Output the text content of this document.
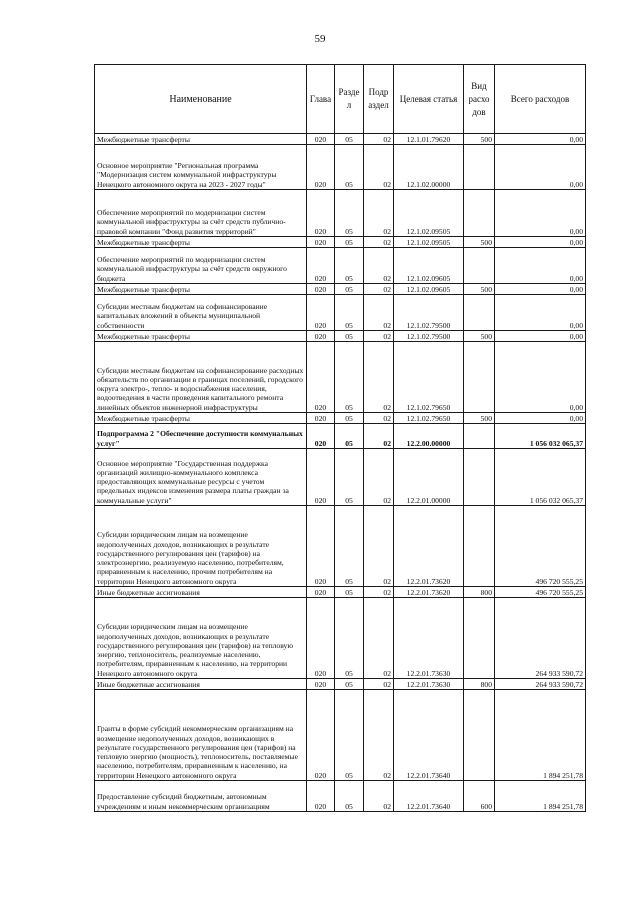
59
Наименование	Глава	Разде л	Подр аздел	Целевая статья	Вид расхо дов	Всего расходов
Межбюджетные трансферты	020	05	02	12.1.01.79620	500	0,00
Основное мероприятие "Региональная программа "Модернизация систем коммунальной инфраструктуры Ненецкого автономного округа на 2023 - 2027 годы"	020	05	02	12.1.02.00000		0,00
Обеспечение мероприятий по модернизации систем коммунальной инфраструктуры за счёт средств публично-правовой компании "Фонд развития территорий"	020	05	02	12.1.02.09505		0,00
Межбюджетные трансферты	020	05	02	12.1.02.09505	500	0,00
Обеспечение мероприятий по модернизации систем коммунальной инфраструктуры за счёт средств окружного бюджета	020	05	02	12.1.02.09605		0,00
Межбюджетные трансферты	020	05	02	12.1.02.09605	500	0,00
Субсидии местным бюджетам на софинансирование капитальных вложений в объекты муниципальной собственности	020	05	02	12.1.02.79500		0,00
Межбюджетные трансферты	020	05	02	12.1.02.79500	500	0,00
Субсидии местным бюджетам на софинансирование расходных обязательств по организации в границах поселений, городского округа электро-, тепло- и водоснабжения населения, водоотведения в части проведения капитального ремонта линейных объектов инженерной инфраструктуры	020	05	02	12.1.02.79650		0,00
Межбюджетные трансферты	020	05	02	12.1.02.79650	500	0,00
Подпрограмма 2 "Обеспечение доступности коммунальных услуг"	020	05	02	12.2.00.00000		1 056 032 065,37
Основное мероприятие "Государственная поддержка организаций жилищно-коммунального комплекса предоставляющих коммунальные ресурсы с учетом предельных индексов изменения размера платы граждан за коммунальные услуги"	020	05	02	12.2.01.00000		1 056 032 065,37
Субсидии юридическим лицам на возмещение недополученных доходов, возникающих в результате государственного регулирования цен (тарифов) на электроэнергию, реализуемую населению, потребителям, приравненным к населению, прочим потребителям на территории Ненецкого автономного округа	020	05	02	12.2.01.73620		496 720 555,25
Иные бюджетные ассигнования	020	05	02	12.2.01.73620	800	496 720 555,25
Субсидии юридическим лицам на возмещение недополученных доходов, возникающих в результате государственного регулирования цен (тарифов) на тепловую энергию, теплоноситель, реализуемые населению, потребителям, приравненным к населению, на территории Ненецкого автономного округа	020	05	02	12.2.01.73630		264 933 590,72
Иные бюджетные ассигнования	020	05	02	12.2.01.73630	800	264 933 590,72
Гранты в форме субсидий некоммерческим организациям на возмещение недополученных доходов, возникающих в результате государственного регулирования цен (тарифов) на тепловую энергию (мощность), теплоноситель, поставляемые населению, потребителям, приравненным к населению, на территории Ненецкого автономного округа	020	05	02	12.2.01.73640		1 894 251,78
Предоставление субсидий бюджетным, автономным учреждениям и иным некоммерческим организациям	020	05	02	12.2.01.73640	600	1 894 251,78
